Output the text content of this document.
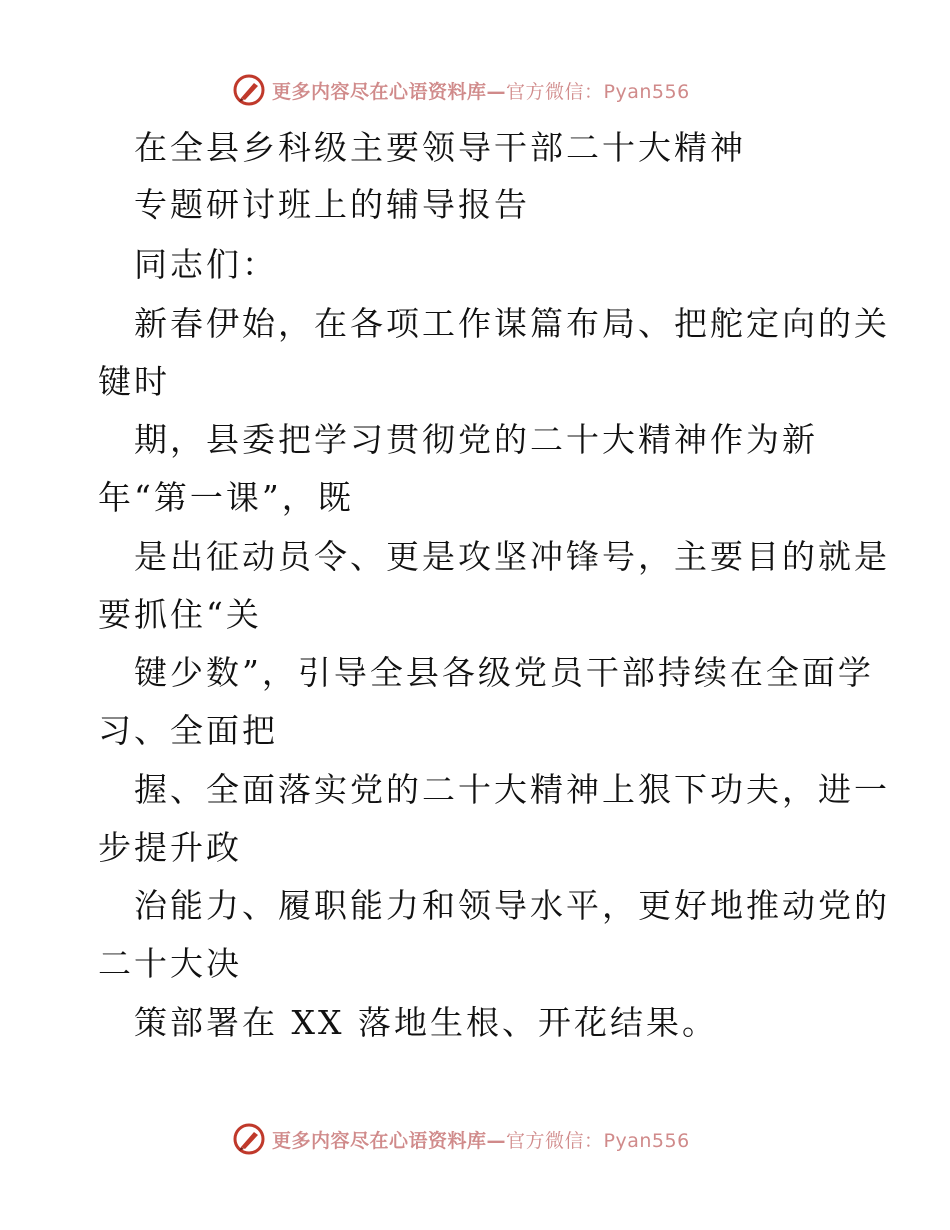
更多内容尽在心语资料库—官方微信：Pyan556
在全县乡科级主要领导干部二十大精神
专题研讨班上的辅导报告
同志们：
新春伊始，在各项工作谋篇布局、把舵定向的关
键时
期，县委把学习贯彻党的二十大精神作为新
年“第一课”，既
是出征动员令、更是攻坚冲锋号，主要目的就是
要抓住“关
键少数”，引导全县各级党员干部持续在全面学
习、全面把
握、全面落实党的二十大精神上狠下功夫，进一
步提升政
治能力、履职能力和领导水平，更好地推动党的
二十大决
策部署在 XX 落地生根、开花结果。
更多内容尽在心语资料库—官方微信：Pyan556
